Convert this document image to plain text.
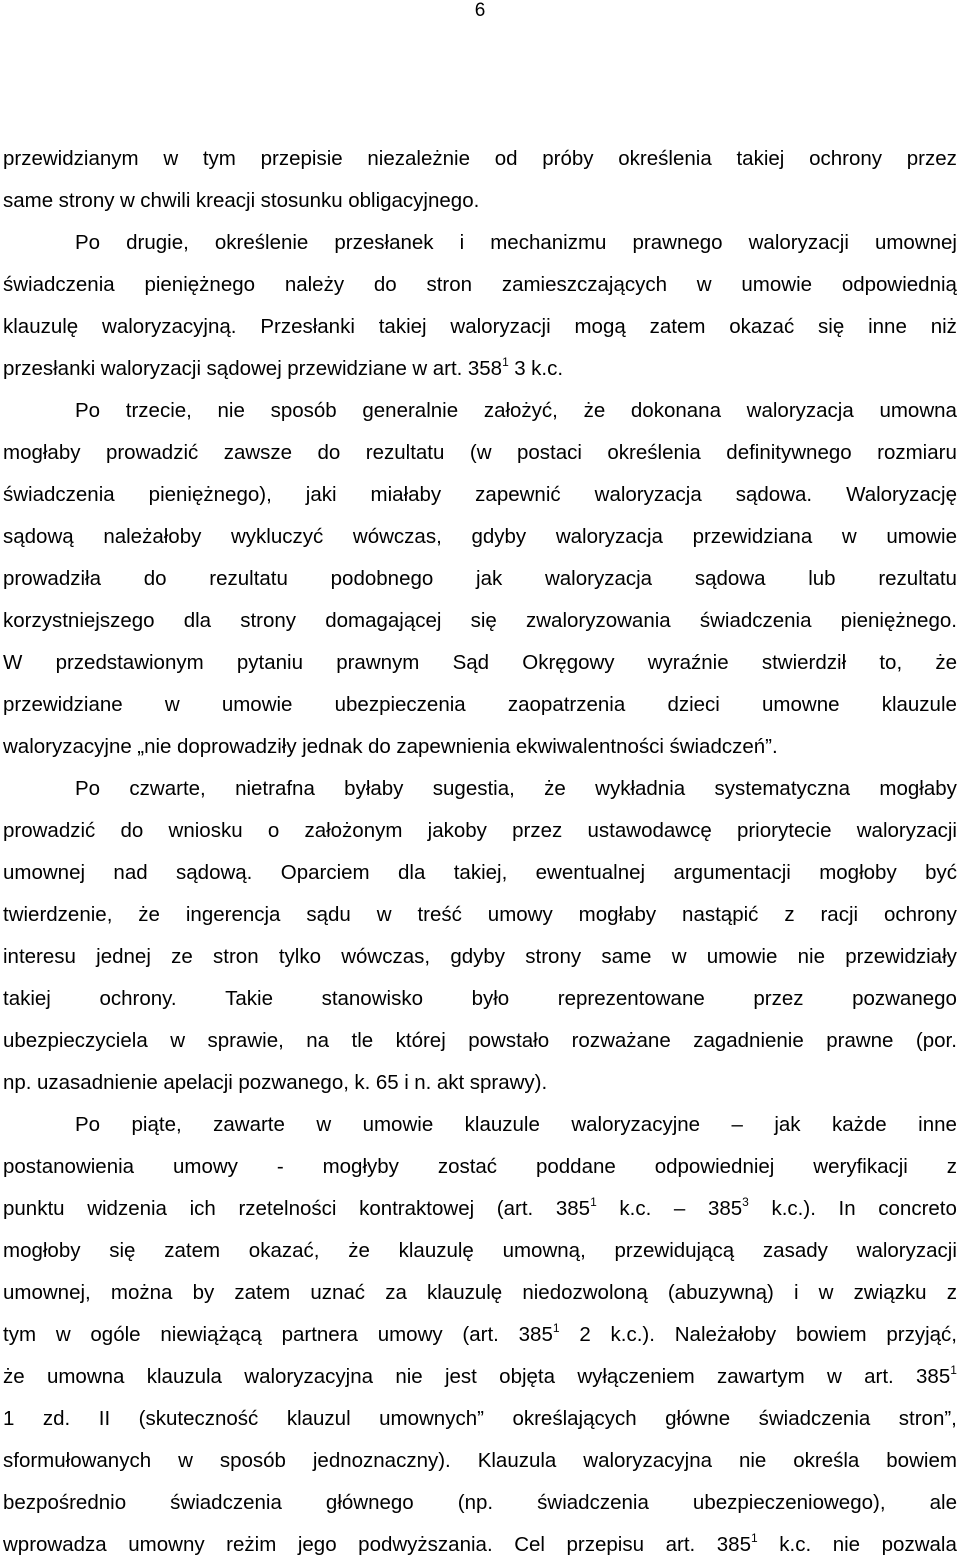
6
przewidzianym w tym przepisie niezależnie od próby określenia takiej ochrony przez
same strony w chwili kreacji stosunku obligacyjnego.
Po drugie, określenie przesłanek i mechanizmu prawnego waloryzacji umownej
świadczenia pieniężnego należy do stron zamieszczających w umowie odpowiednią
klauzulę waloryzacyjną. Przesłanki takiej waloryzacji mogą zatem okazać się inne niż
przesłanki waloryzacji sądowej przewidziane w art. $358^1$ 3 k.c.
Po trzecie, nie sposób generalnie założyć, że dokonana waloryzacja umowna
mogłaby prowadzić zawsze do rezultatu (w postaci określenia definitywnego rozmiaru
świadczenia pieniężnego), jaki miałaby zapewnić waloryzacja sądowa. Waloryzację
sądową należałoby wykluczyć wówczas, gdyby waloryzacja przewidziana w umowie
prowadziła do rezultatu podobnego jak waloryzacja sądowa lub rezultatu
korzystniejszego dla strony domagającej się zwaloryzowania świadczenia pieniężnego.
W przedstawionym pytaniu prawnym Sąd Okręgowy wyraźnie stwierdził to, że
przewidziane w umowie ubezpieczenia zaopatrzenia dzieci umowne klauzule
waloryzacyjne „nie doprowadziły jednak do zapewnienia ekwiwalentności świadczeń”.
Po czwarte, nietrafna byłaby sugestia, że wykładnia systematyczna mogłaby
prowadzić do wniosku o założonym jakoby przez ustawodawcę priorytecie waloryzacji
umownej nad sądową. Oparciem dla takiej, ewentualnej argumentacji mogłoby być
twierdzenie, że ingerencja sądu w treść umowy mogłaby nastąpić z racji ochrony
interesu jednej ze stron tylko wówczas, gdyby strony same w umowie nie przewidziały
takiej ochrony. Takie stanowisko było reprezentowane przez pozwanego
ubezpieczyciela w sprawie, na tle której powstało rozważane zagadnienie prawne (por.
np. uzasadnienie apelacji pozwanego, k. 65 i n. akt sprawy).
Po piąte, zawarte w umowie klauzule waloryzacyjne – jak każde inne
postanowienia umowy - mogłyby zostać poddane odpowiedniej weryfikacji z
punktu widzenia ich rzetelności kontraktowej (art. $385^1$ k.c. – $385^3$ k.c.). In concreto
mogłoby się zatem okazać, że klauzulę umowną, przewidującą zasady waloryzacji
umownej, można by zatem uznać za klauzulę niedozwoloną (abuzywną) i w związku z
tym w ogóle niewiążącą partnera umowy (art. $385^1$ 2 k.c.). Należałoby bowiem przyjąć,
że umowna klauzula waloryzacyjna nie jest objęta wyłączeniem zawartym w art. $385^1$
1 zd. II (skuteczność klauzul umownych” określających główne świadczenia stron”,
sformułowanych w sposób jednoznaczny). Klauzula waloryzacyjna nie określa bowiem
bezpośrednio świadczenia głównego (np. świadczenia ubezpieczeniowego), ale
wprowadza umowny reżim jego podwyższania. Cel przepisu art. $385^1$ k.c. nie pozwala
